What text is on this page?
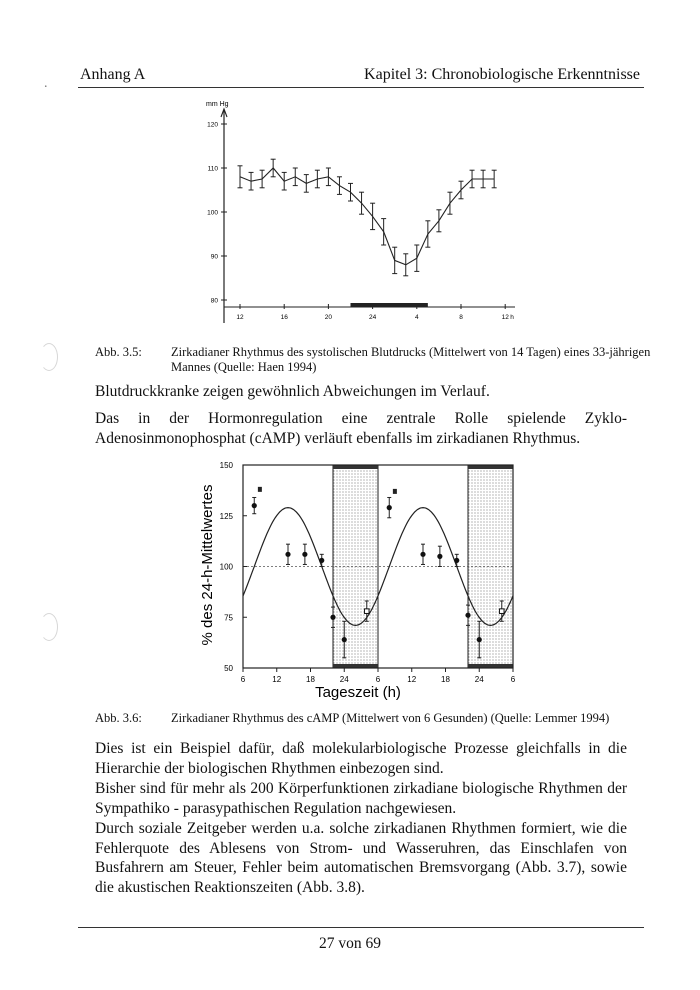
.
Anhang A	Kapitel 3: Chronobiologische Erkenntnisse
mm Hg
120
110
100
90
80
12	16	20	24	4	8	12 h
Abb. 3.5: Zirkadianer Rhythmus des systolischen Blutdrucks (Mittelwert von 14 Tagen) eines 33-jährigen Mannes (Quelle: Haen 1994)
Blutdruckkranke zeigen gewöhnlich Abweichungen im Verlauf.
Das in der Hormonregulation eine zentrale Rolle spielende Zyklo-Adenosinmonophosphat (cAMP) verläuft ebenfalls im zirkadianen Rhythmus.
% des 24-h-Mittelwertes
Tageszeit (h)
150
125
100
75
50
6	12	18	24	6	12	18	24	6
Abb. 3.6: Zirkadianer Rhythmus des cAMP (Mittelwert von 6 Gesunden) (Quelle: Lemmer 1994)
Dies ist ein Beispiel dafür, daß molekularbiologische Prozesse gleichfalls in die Hierarchie der biologischen Rhythmen einbezogen sind.
Bisher sind für mehr als 200 Körperfunktionen zirkadiane biologische Rhythmen der Sympathiko - parasypathischen Regulation nachgewiesen.
Durch soziale Zeitgeber werden u.a. solche zirkadianen Rhythmen formiert, wie die Fehlerquote des Ablesens von Strom- und Wasseruhren, das Einschlafen von Busfahrern am Steuer, Fehler beim automatischen Bremsvorgang (Abb. 3.7), sowie die akustischen Reaktionszeiten (Abb. 3.8).
27 von 69
